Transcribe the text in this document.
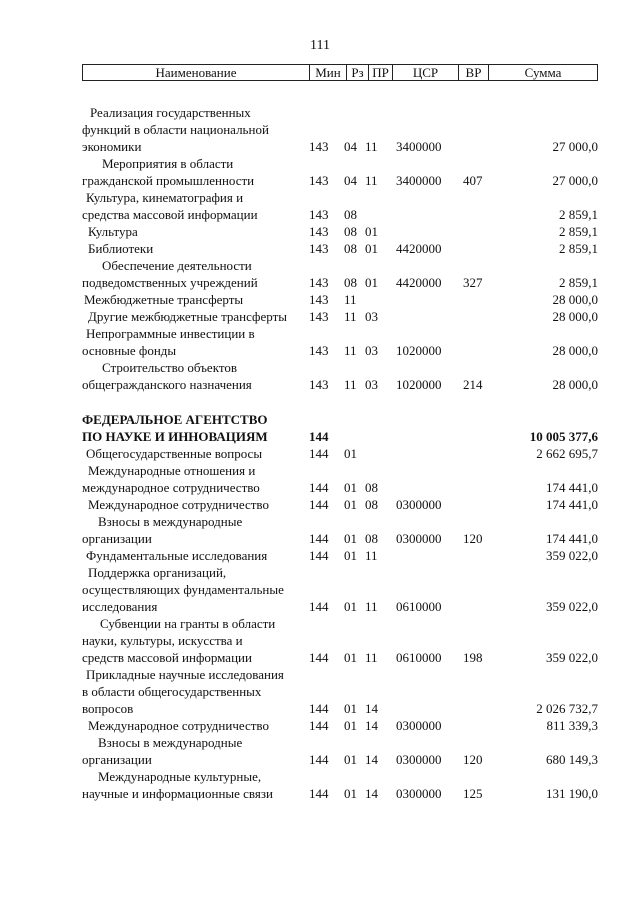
111
Наименование	Мин Рз ПР	ЦСР	ВР	Сумма
Реализация государственных
функций в области национальной
экономики	143 04 11 3400000	27 000,0
Мероприятия в области
гражданской промышленности	143 04 11 3400000 407	27 000,0
Культура, кинематография и
средства массовой информации	143 08	2 859,1
Культура	143 08 01	2 859,1
Библиотеки	143 08 01 4420000	2 859,1
Обеспечение деятельности
подведомственных учреждений	143 08 01 4420000 327	2 859,1
Межбюджетные трансферты	143 11	28 000,0
Другие межбюджетные трансферты	143 11 03	28 000,0
Непрограммные инвестиции в
основные фонды	143 11 03 1020000	28 000,0
Строительство объектов
общегражданского назначения	143 11 03 1020000 214	28 000,0
ФЕДЕРАЛЬНОЕ АГЕНТСТВО
ПО НАУКЕ И ИННОВАЦИЯМ	144	10 005 377,6
Общегосударственные вопросы	144 01	2 662 695,7
Международные отношения и
международное сотрудничество	144 01 08	174 441,0
Международное сотрудничество	144 01 08 0300000	174 441,0
Взносы в международные
организации	144 01 08 0300000 120	174 441,0
Фундаментальные исследования	144 01 11	359 022,0
Поддержка организаций,
осуществляющих фундаментальные
исследования	144 01 11 0610000	359 022,0
Субвенции на гранты в области
науки, культуры, искусства и
средств массовой информации	144 01 11 0610000 198	359 022,0
Прикладные научные исследования
в области общегосударственных
вопросов	144 01 14	2 026 732,7
Международное сотрудничество	144 01 14 0300000	811 339,3
Взносы в международные
организации	144 01 14 0300000 120	680 149,3
Международные культурные,
научные и информационные связи	144 01 14 0300000 125	131 190,0
